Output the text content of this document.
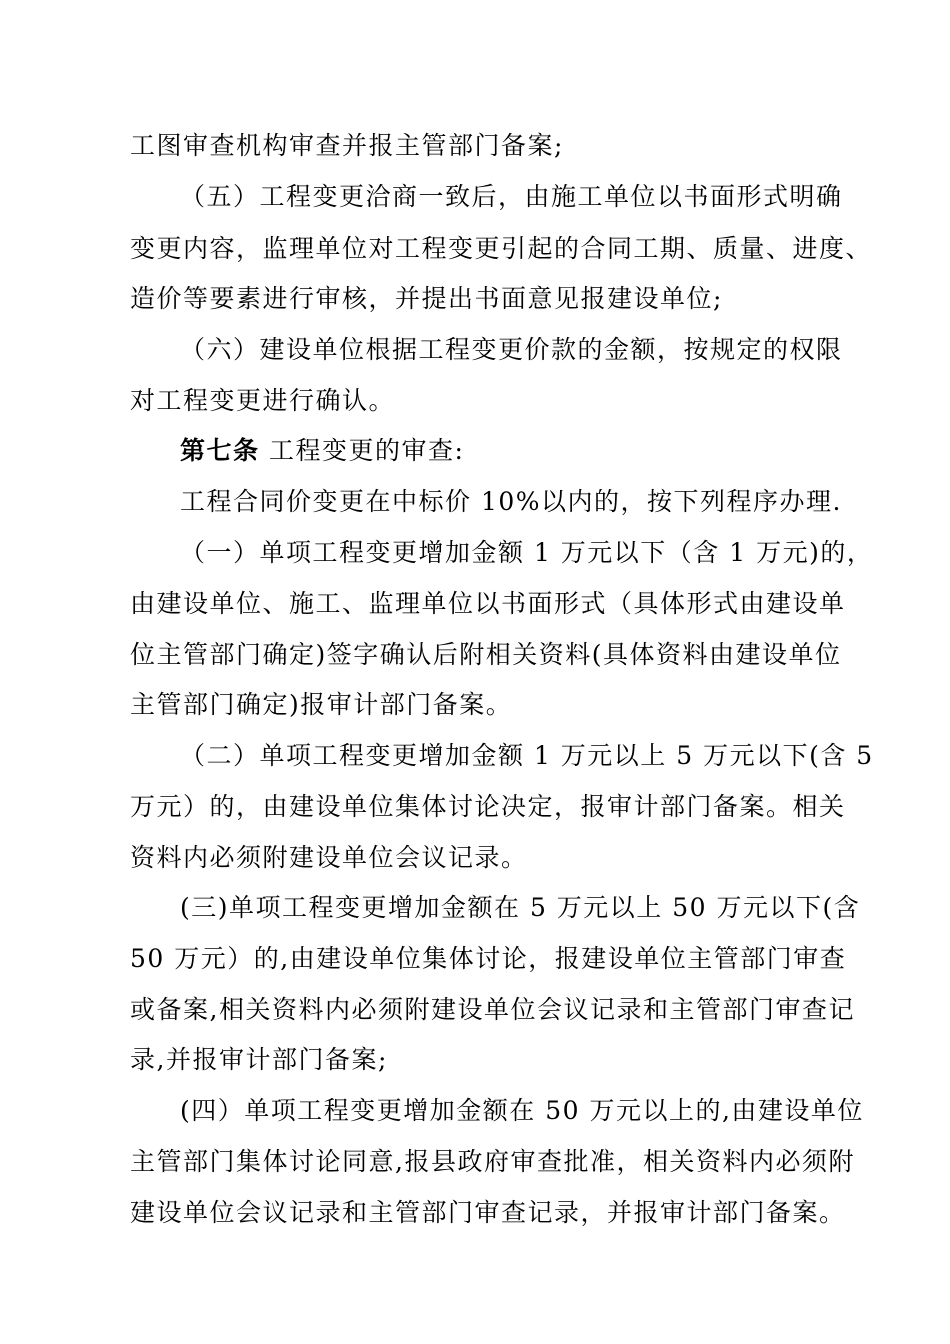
工图审查机构审查并报主管部门备案;
（五）工程变更洽商一致后，由施工单位以书面形式明确
变更内容，监理单位对工程变更引起的合同工期、质量、进度、
造价等要素进行审核，并提出书面意见报建设单位;
（六）建设单位根据工程变更价款的金额，按规定的权限
对工程变更进行确认。
第七条 工程变更的审查:
工程合同价变更在中标价 10%以内的，按下列程序办理.
（一）单项工程变更增加金额 1 万元以下（含 1 万元)的，
由建设单位、施工、监理单位以书面形式（具体形式由建设单
位主管部门确定)签字确认后附相关资料(具体资料由建设单位
主管部门确定)报审计部门备案。
（二）单项工程变更增加金额 1 万元以上 5 万元以下(含 5
万元）的，由建设单位集体讨论决定，报审计部门备案。相关
资料内必须附建设单位会议记录。
(三)单项工程变更增加金额在 5 万元以上 50 万元以下(含
50 万元）的,由建设单位集体讨论，报建设单位主管部门审查
或备案,相关资料内必须附建设单位会议记录和主管部门审查记
录,并报审计部门备案;
(四）单项工程变更增加金额在 50 万元以上的,由建设单位
主管部门集体讨论同意,报县政府审查批准，相关资料内必须附
建设单位会议记录和主管部门审查记录，并报审计部门备案。
